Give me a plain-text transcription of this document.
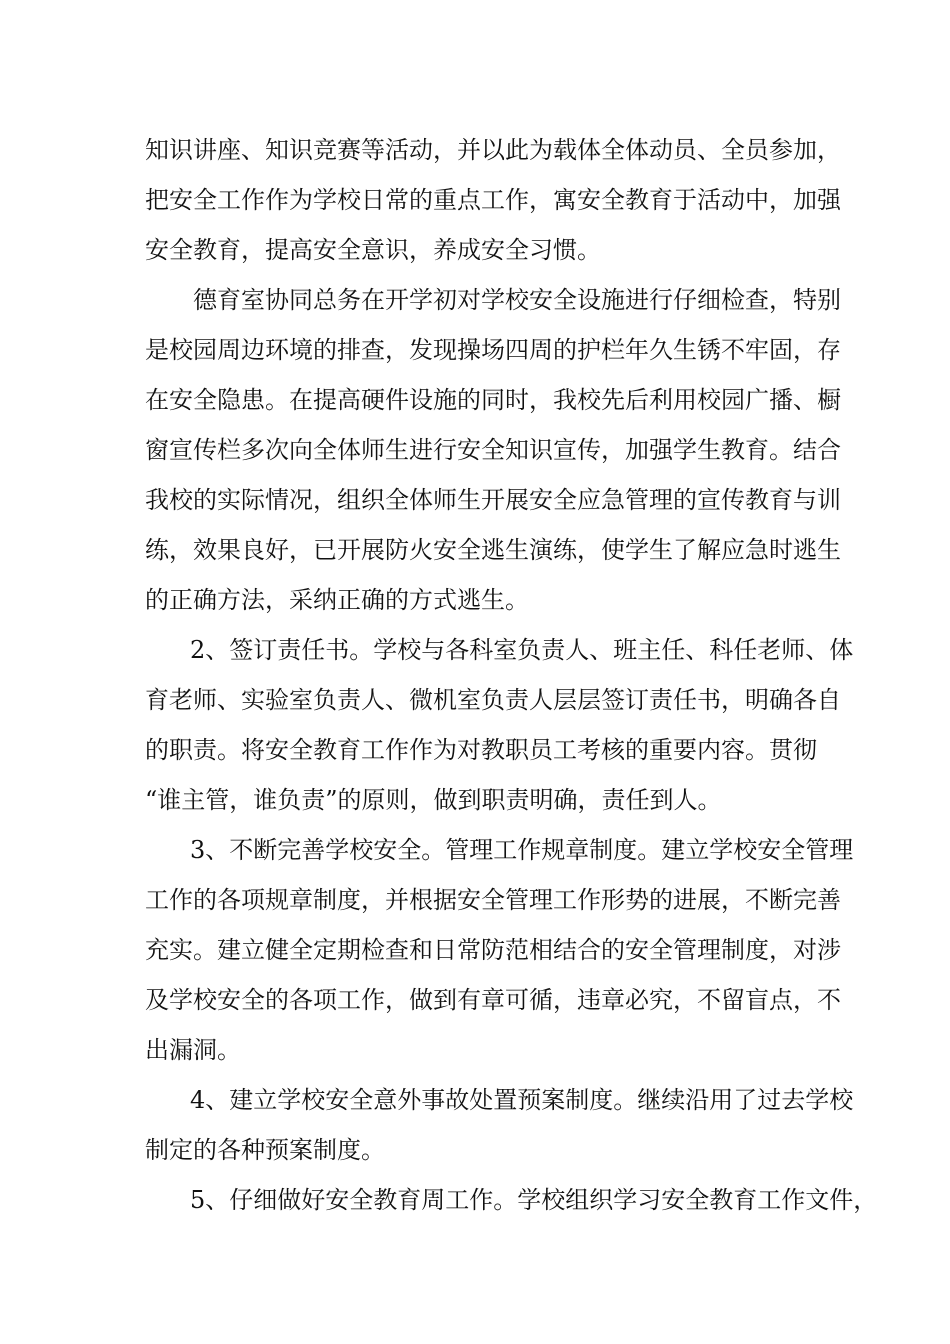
知识讲座、知识竞赛等活动，并以此为载体全体动员、全员参加，
把安全工作作为学校日常的重点工作，寓安全教育于活动中，加强
安全教育，提高安全意识，养成安全习惯。
德育室协同总务在开学初对学校安全设施进行仔细检查，特别
是校园周边环境的排查，发现操场四周的护栏年久生锈不牢固，存
在安全隐患。在提高硬件设施的同时，我校先后利用校园广播、橱
窗宣传栏多次向全体师生进行安全知识宣传，加强学生教育。结合
我校的实际情况，组织全体师生开展安全应急管理的宣传教育与训
练，效果良好，已开展防火安全逃生演练，使学生了解应急时逃生
的正确方法，采纳正确的方式逃生。
2、签订责任书。学校与各科室负责人、班主任、科任老师、体
育老师、实验室负责人、微机室负责人层层签订责任书，明确各自
的职责。将安全教育工作作为对教职员工考核的重要内容。贯彻
“谁主管，谁负责”的原则，做到职责明确，责任到人。
3、不断完善学校安全。管理工作规章制度。建立学校安全管理
工作的各项规章制度，并根据安全管理工作形势的进展，不断完善
充实。建立健全定期检查和日常防范相结合的安全管理制度，对涉
及学校安全的各项工作，做到有章可循，违章必究，不留盲点，不
出漏洞。
4、建立学校安全意外事故处置预案制度。继续沿用了过去学校
制定的各种预案制度。
5、仔细做好安全教育周工作。学校组织学习安全教育工作文件，
